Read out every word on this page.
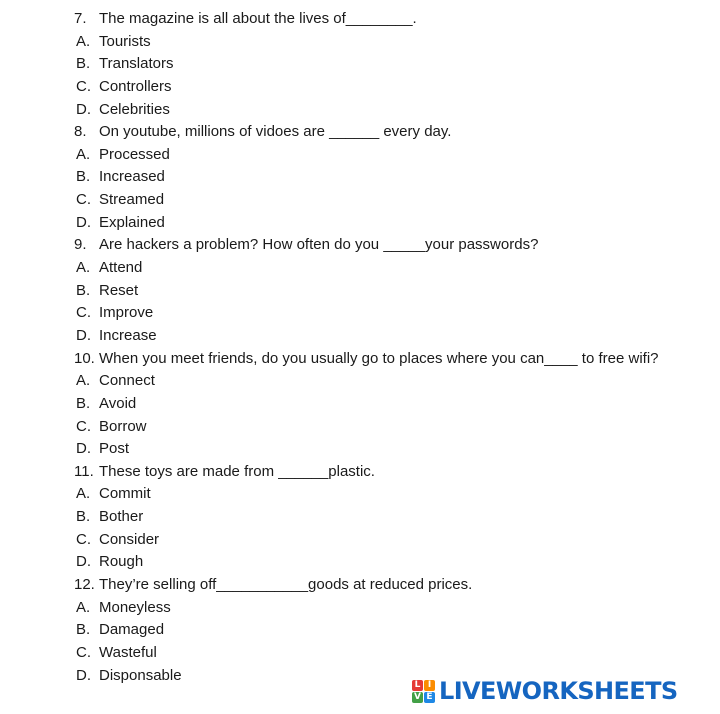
7. The magazine is all about the lives of________.
A. Tourists
B. Translators
C. Controllers
D. Celebrities
8. On youtube, millions of vidoes are ______ every day.
A. Processed
B. Increased
C. Streamed
D. Explained
9. Are hackers a problem? How often do you _____your passwords?
A. Attend
B. Reset
C. Improve
D. Increase
10. When you meet friends, do you usually go to places where you can____ to free wifi?
A. Connect
B. Avoid
C. Borrow
D. Post
11. These toys are made from ______plastic.
A. Commit
B. Bother
C. Consider
D. Rough
12. They’re selling off___________goods at reduced prices.
A. Moneyless
B. Damaged
C. Wasteful
D. Disponsable
L I
V E LIVEWORKSHEETS
